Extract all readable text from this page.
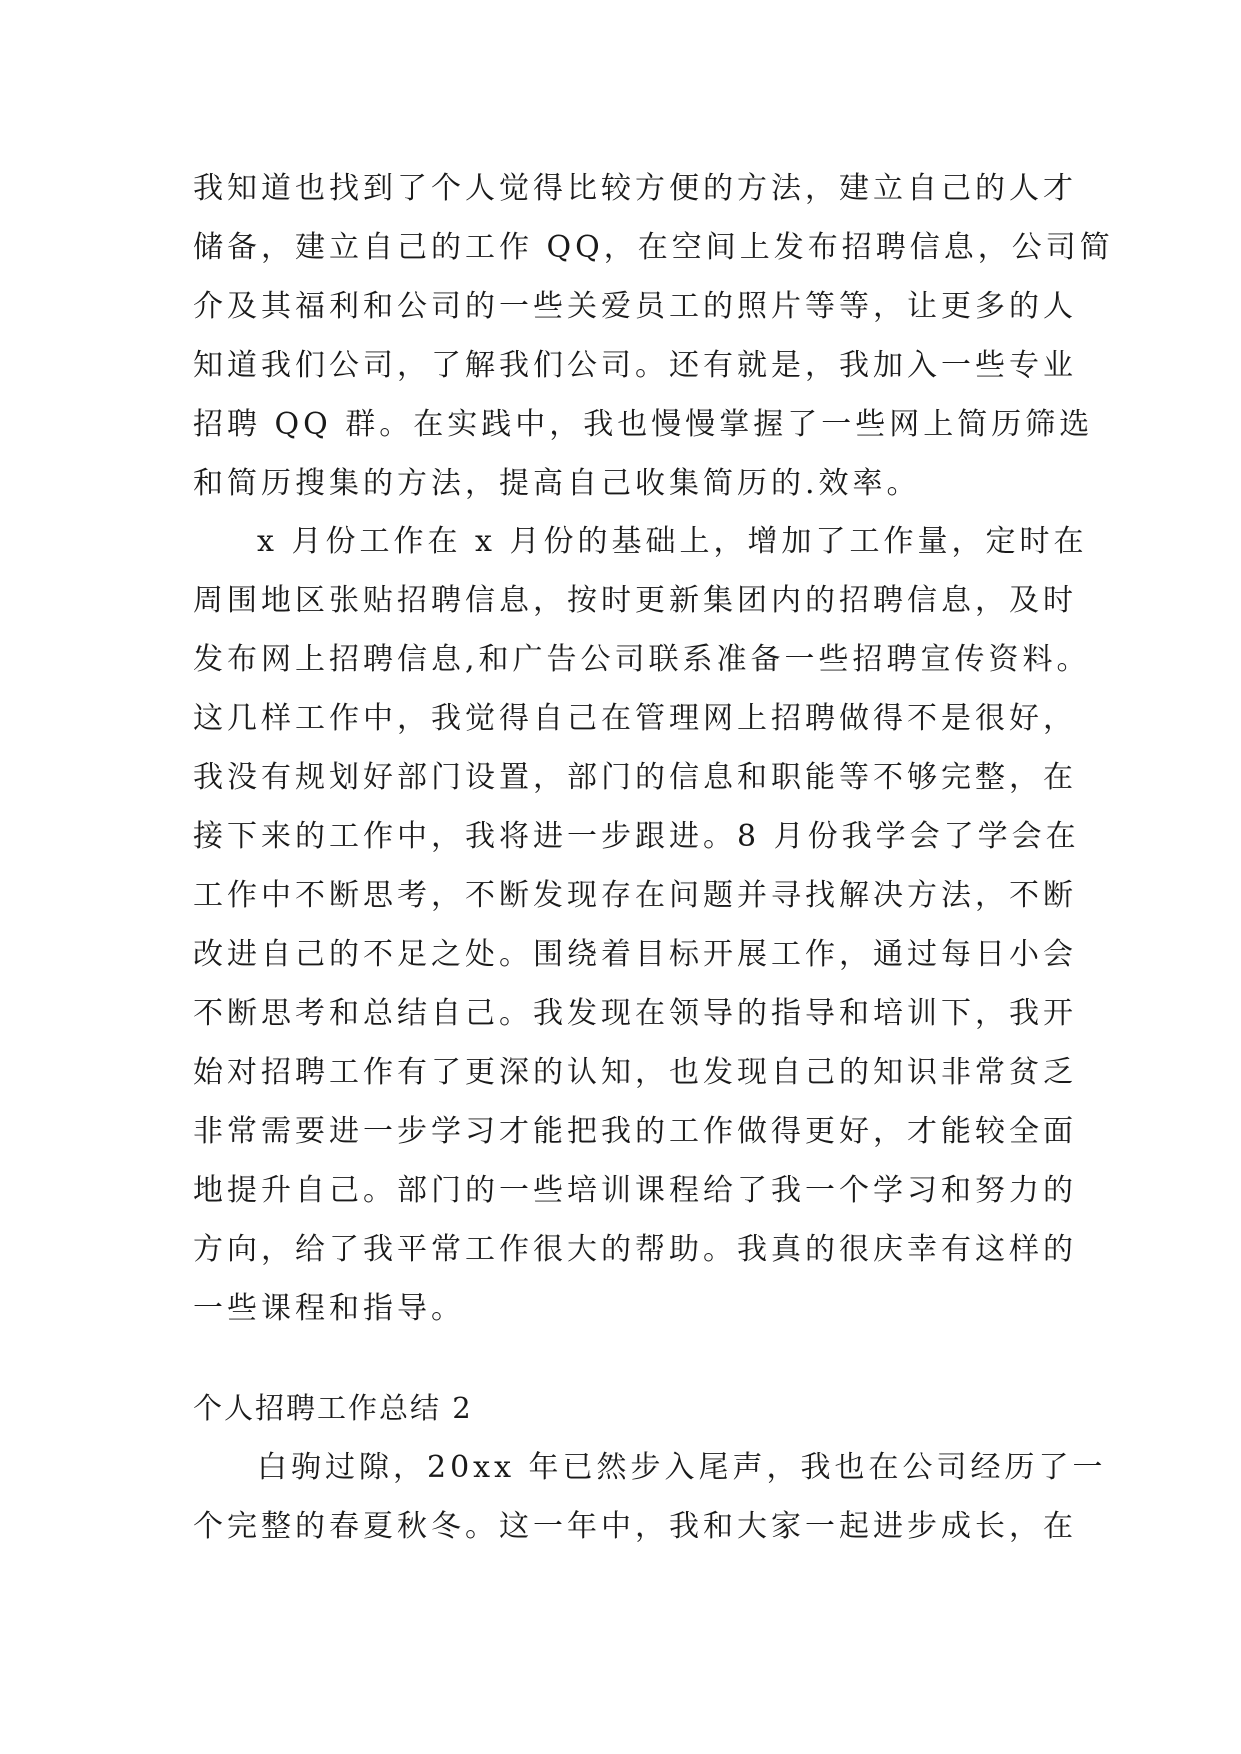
我知道也找到了个人觉得比较方便的方法，建立自己的人才
储备，建立自己的工作 QQ，在空间上发布招聘信息，公司简
介及其福利和公司的一些关爱员工的照片等等，让更多的人
知道我们公司，了解我们公司。还有就是，我加入一些专业
招聘 QQ 群。在实践中，我也慢慢掌握了一些网上简历筛选
和简历搜集的方法，提高自己收集简历的.效率。
x 月份工作在 x 月份的基础上，增加了工作量，定时在
周围地区张贴招聘信息，按时更新集团内的招聘信息，及时
发布网上招聘信息,和广告公司联系准备一些招聘宣传资料。
这几样工作中，我觉得自己在管理网上招聘做得不是很好，
我没有规划好部门设置，部门的信息和职能等不够完整，在
接下来的工作中，我将进一步跟进。8 月份我学会了学会在
工作中不断思考，不断发现存在问题并寻找解决方法，不断
改进自己的不足之处。围绕着目标开展工作，通过每日小会
不断思考和总结自己。我发现在领导的指导和培训下，我开
始对招聘工作有了更深的认知，也发现自己的知识非常贫乏
非常需要进一步学习才能把我的工作做得更好，才能较全面
地提升自己。部门的一些培训课程给了我一个学习和努力的
方向，给了我平常工作很大的帮助。我真的很庆幸有这样的
一些课程和指导。
个人招聘工作总结 2
白驹过隙，20xx 年已然步入尾声，我也在公司经历了一
个完整的春夏秋冬。这一年中，我和大家一起进步成长，在
